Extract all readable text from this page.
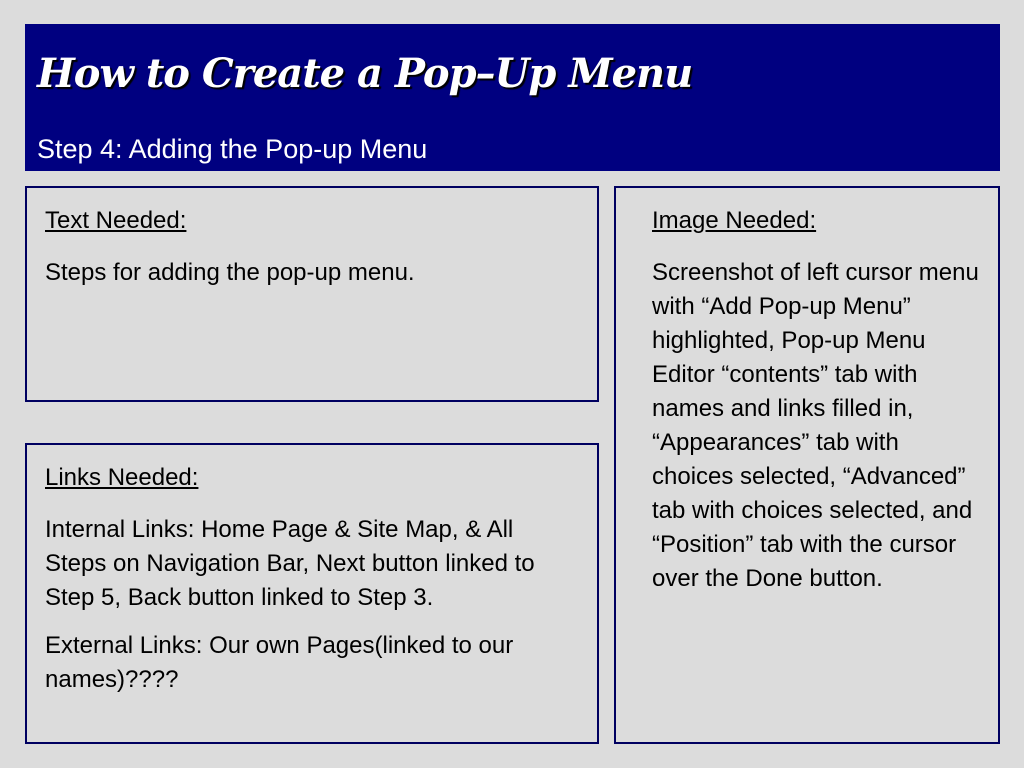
How to Create a Pop–Up Menu

Step 4: Adding the Pop-up Menu

Text Needed:

Steps for adding the pop-up menu.

Links Needed:

Internal Links: Home Page & Site Map, & All Steps on Navigation Bar, Next button linked to Step 5, Back button linked to Step 3.

External Links: Our own Pages(linked to our names)????

Image Needed:

Screenshot of left cursor menu with “Add Pop-up Menu” highlighted, Pop-up Menu Editor “contents” tab with names and links filled in, “Appearances” tab with choices selected, “Advanced” tab with choices selected, and “Position” tab with the cursor over the Done button.
